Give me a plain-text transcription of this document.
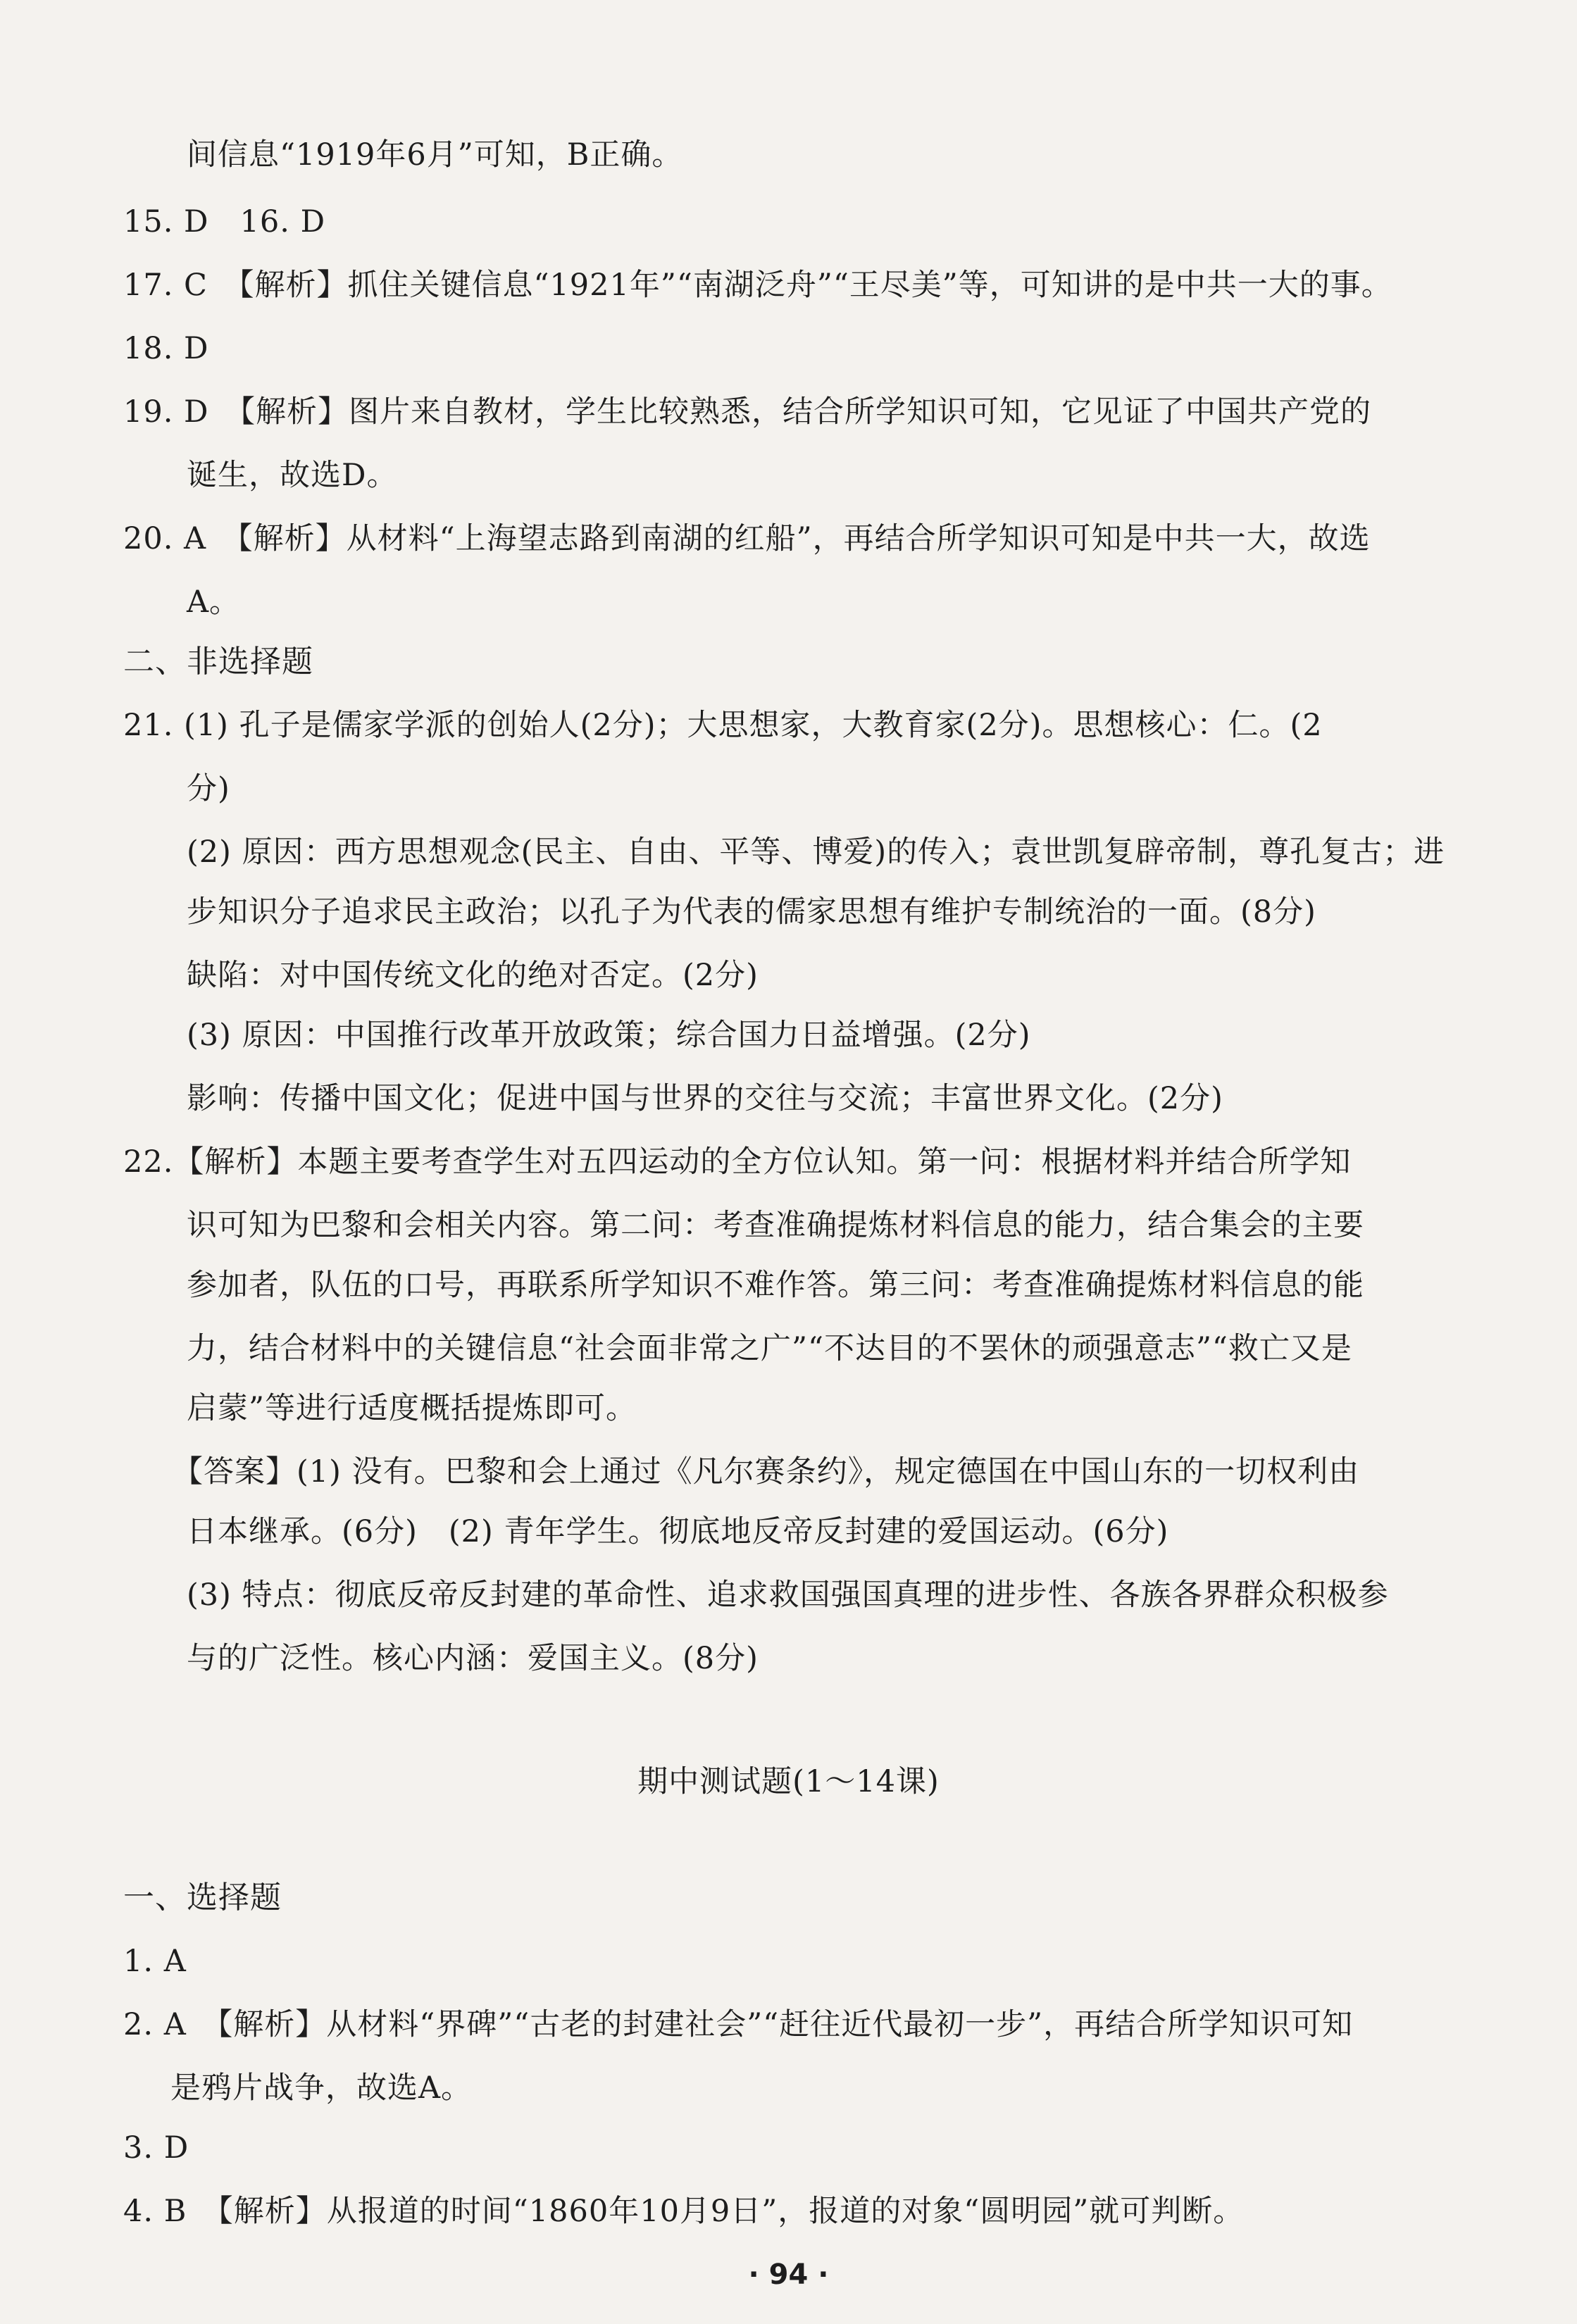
间信息“1919年6月”可知，B正确。
15. D　16. D
17. C　【解析】抓住关键信息“1921年”“南湖泛舟”“王尽美”等，可知讲的是中共一大的事。
18. D
19. D　【解析】图片来自教材，学生比较熟悉，结合所学知识可知，它见证了中国共产党的
诞生，故选D。
20. A　【解析】从材料“上海望志路到南湖的红船”，再结合所学知识可知是中共一大，故选
A。
二、非选择题
21. (1) 孔子是儒家学派的创始人(2分)；大思想家，大教育家(2分)。思想核心：仁。(2
分)
(2) 原因：西方思想观念(民主、自由、平等、博爱)的传入；袁世凯复辟帝制，尊孔复古；进
步知识分子追求民主政治；以孔子为代表的儒家思想有维护专制统治的一面。(8分)
缺陷：对中国传统文化的绝对否定。(2分)
(3) 原因：中国推行改革开放政策；综合国力日益增强。(2分)
影响：传播中国文化；促进中国与世界的交往与交流；丰富世界文化。(2分)
22.【解析】本题主要考查学生对五四运动的全方位认知。第一问：根据材料并结合所学知
识可知为巴黎和会相关内容。第二问：考查准确提炼材料信息的能力，结合集会的主要
参加者，队伍的口号，再联系所学知识不难作答。第三问：考查准确提炼材料信息的能
力，结合材料中的关键信息“社会面非常之广”“不达目的不罢休的顽强意志”“救亡又是
启蒙”等进行适度概括提炼即可。
【答案】(1) 没有。巴黎和会上通过《凡尔赛条约》，规定德国在中国山东的一切权利由
日本继承。(6分)　(2) 青年学生。彻底地反帝反封建的爱国运动。(6分)
(3) 特点：彻底反帝反封建的革命性、追求救国强国真理的进步性、各族各界群众积极参
与的广泛性。核心内涵：爱国主义。(8分)
期中测试题(1～14课)
一、选择题
1. A
2. A　【解析】从材料“界碑”“古老的封建社会”“赶往近代最初一步”，再结合所学知识可知
是鸦片战争，故选A。
3. D
4. B　【解析】从报道的时间“1860年10月9日”，报道的对象“圆明园”就可判断。
· 94 ·
